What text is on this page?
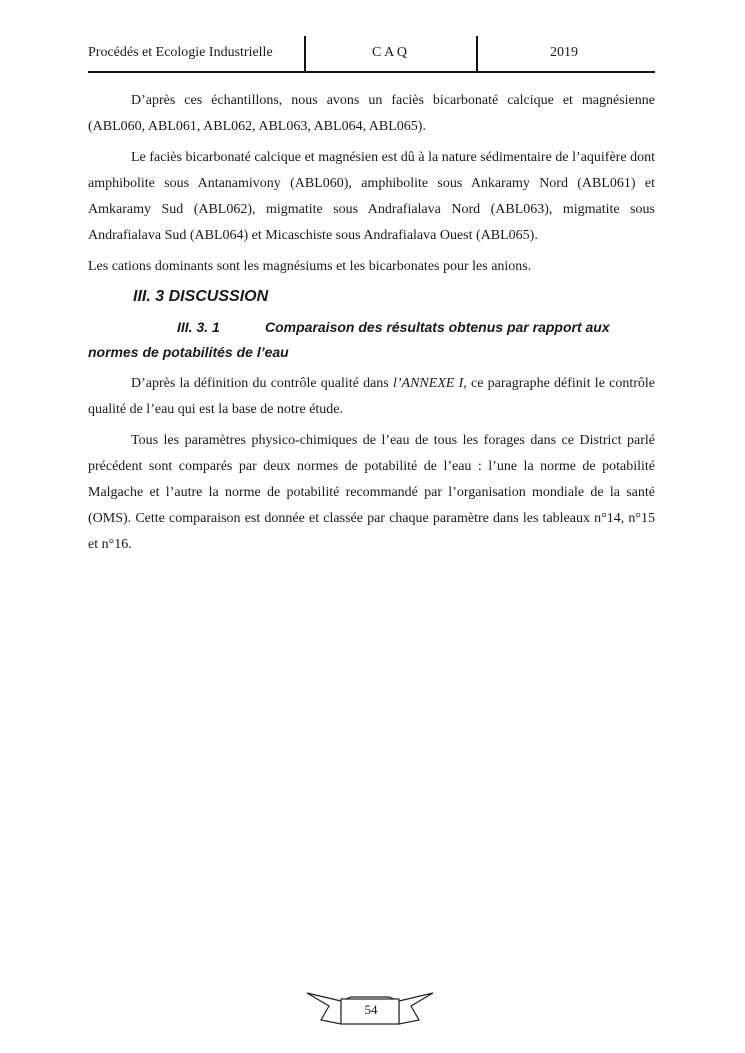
Procédés et Ecologie Industrielle	C A Q	2019

D’après ces échantillons, nous avons un faciès bicarbonaté calcique et magnésienne (ABL060, ABL061, ABL062, ABL063, ABL064, ABL065).

Le faciès bicarbonaté calcique et magnésien est dû à la nature sédimentaire de l’aquifère dont amphibolite sous Antanamivony (ABL060), amphibolite sous Ankaramy Nord (ABL061) et Amkaramy Sud (ABL062), migmatite sous Andrafialava Nord (ABL063), migmatite sous Andrafialava Sud (ABL064) et Micaschiste sous Andrafialava Ouest (ABL065).

Les cations dominants sont les magnésiums et les bicarbonates pour les anions.

III. 3 DISCUSSION
III. 3. 1	Comparaison des résultats obtenus par rapport aux normes de potabilités de l’eau

D’après la définition du contrôle qualité dans l’ANNEXE I, ce paragraphe définit le contrôle qualité de l’eau qui est la base de notre étude.

Tous les paramètres physico-chimiques de l’eau de tous les forages dans ce District parlé précédent sont comparés par deux normes de potabilité de l’eau : l’une la norme de potabilité Malgache et l’autre la norme de potabilité recommandé par l’organisation mondiale de la santé (OMS). Cette comparaison est donnée et classée par chaque paramètre dans les tableaux n°14, n°15 et n°16.

54
